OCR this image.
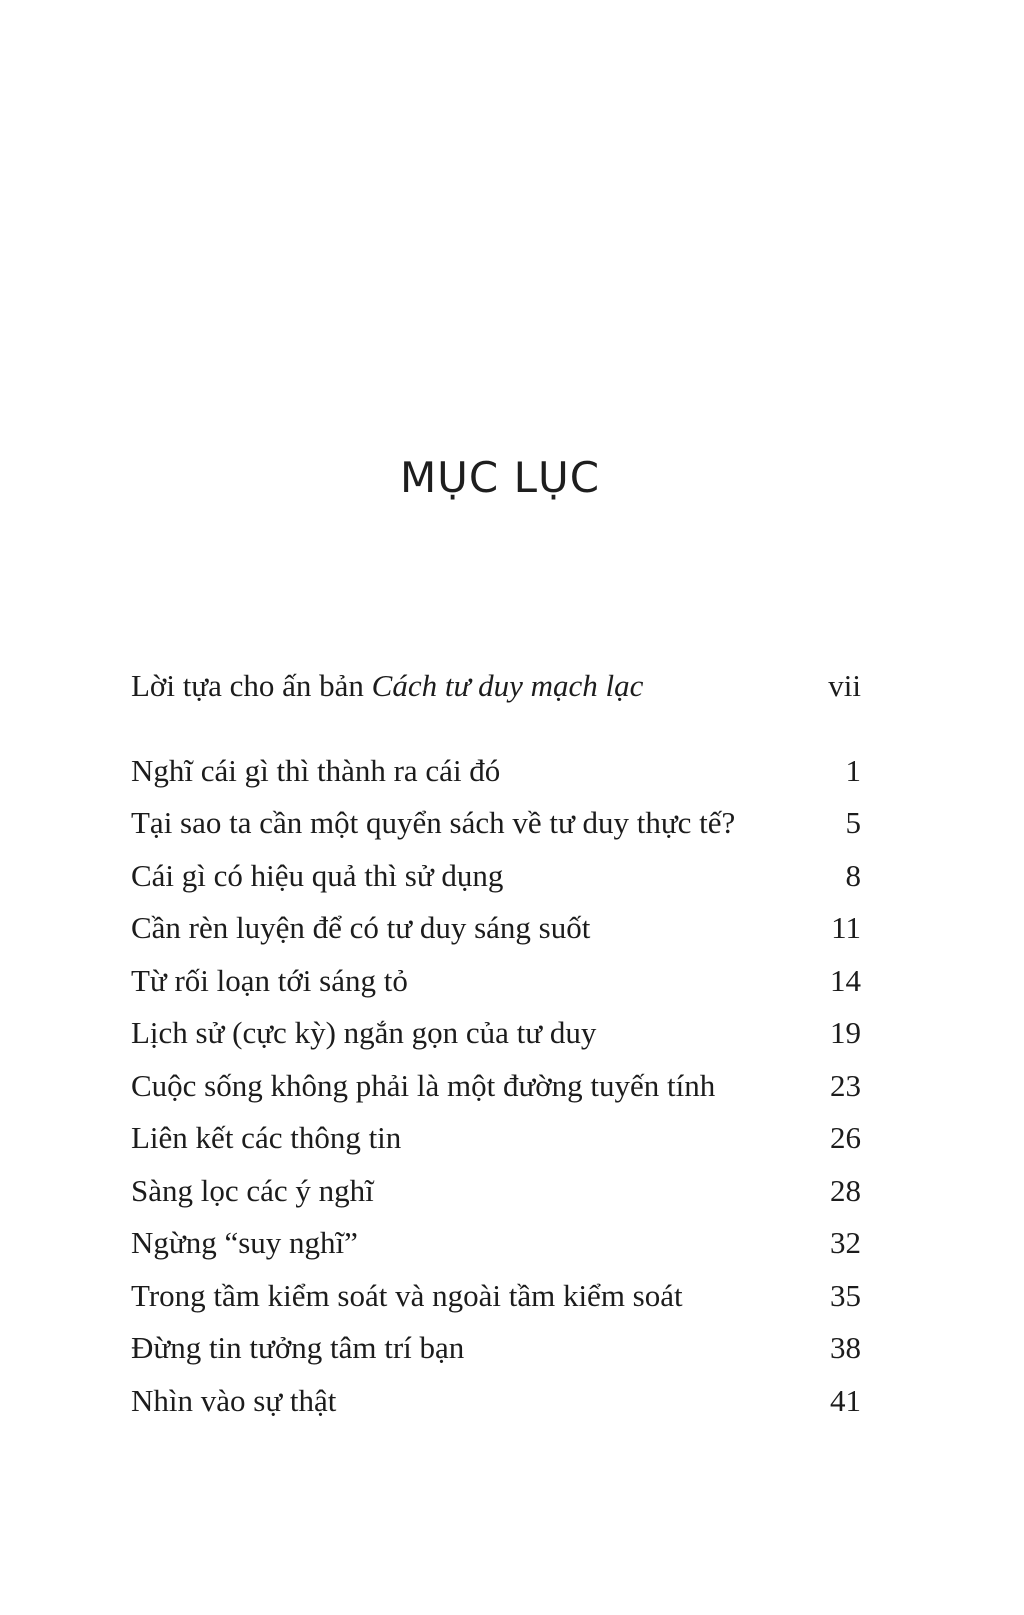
MỤC LỤC
Lời tựa cho ấn bản Cách tư duy mạch lạc	vii
Nghĩ cái gì thì thành ra cái đó	1
Tại sao ta cần một quyển sách về tư duy thực tế?	5
Cái gì có hiệu quả thì sử dụng	8
Cần rèn luyện để có tư duy sáng suốt	11
Từ rối loạn tới sáng tỏ	14
Lịch sử (cực kỳ) ngắn gọn của tư duy	19
Cuộc sống không phải là một đường tuyến tính	23
Liên kết các thông tin	26
Sàng lọc các ý nghĩ	28
Ngừng “suy nghĩ”	32
Trong tầm kiểm soát và ngoài tầm kiểm soát	35
Đừng tin tưởng tâm trí bạn	38
Nhìn vào sự thật	41
